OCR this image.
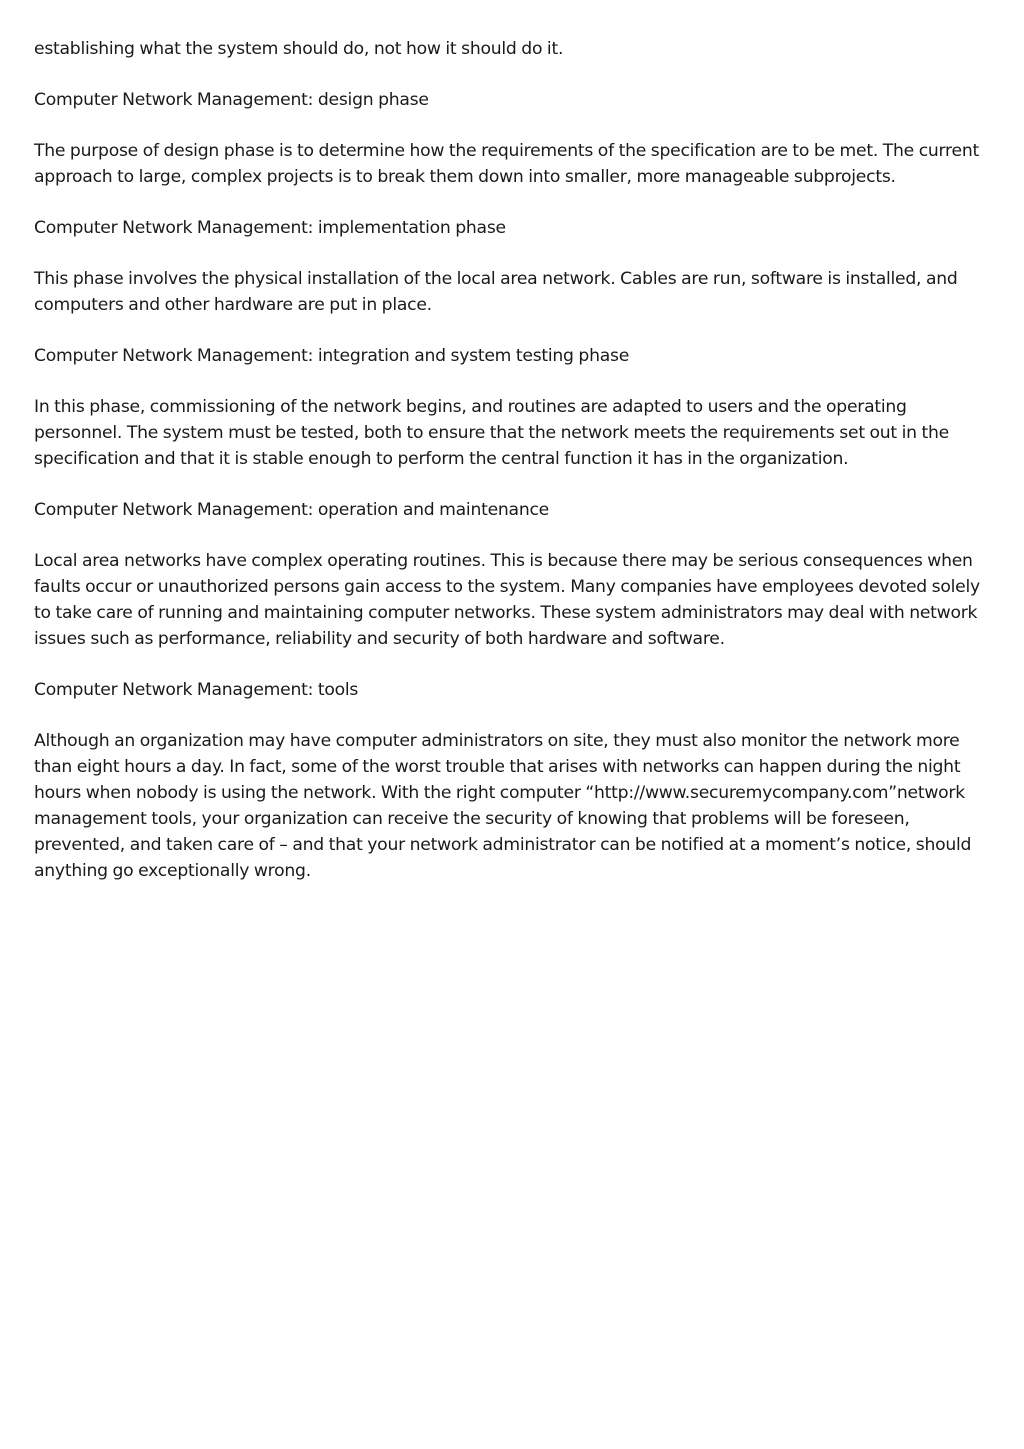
establishing what the system should do, not how it should do it.

Computer Network Management: design phase

The purpose of design phase is to determine how the requirements of the specification are to be met. The current approach to large, complex projects is to break them down into smaller, more manageable subprojects.

Computer Network Management: implementation phase

This phase involves the physical installation of the local area network. Cables are run, software is installed, and computers and other hardware are put in place.

Computer Network Management: integration and system testing phase

In this phase, commissioning of the network begins, and routines are adapted to users and the operating personnel. The system must be tested, both to ensure that the network meets the requirements set out in the specification and that it is stable enough to perform the central function it has in the organization.

Computer Network Management: operation and maintenance

Local area networks have complex operating routines. This is because there may be serious consequences when faults occur or unauthorized persons gain access to the system. Many companies have employees devoted solely to take care of running and maintaining computer networks. These system administrators may deal with network issues such as performance, reliability and security of both hardware and software.

Computer Network Management: tools

Although an organization may have computer administrators on site, they must also monitor the network more than eight hours a day. In fact, some of the worst trouble that arises with networks can happen during the night hours when nobody is using the network. With the right computer “http://www.securemycompany.com”network management tools, your organization can receive the security of knowing that problems will be foreseen, prevented, and taken care of – and that your network administrator can be notified at a moment’s notice, should anything go exceptionally wrong.
